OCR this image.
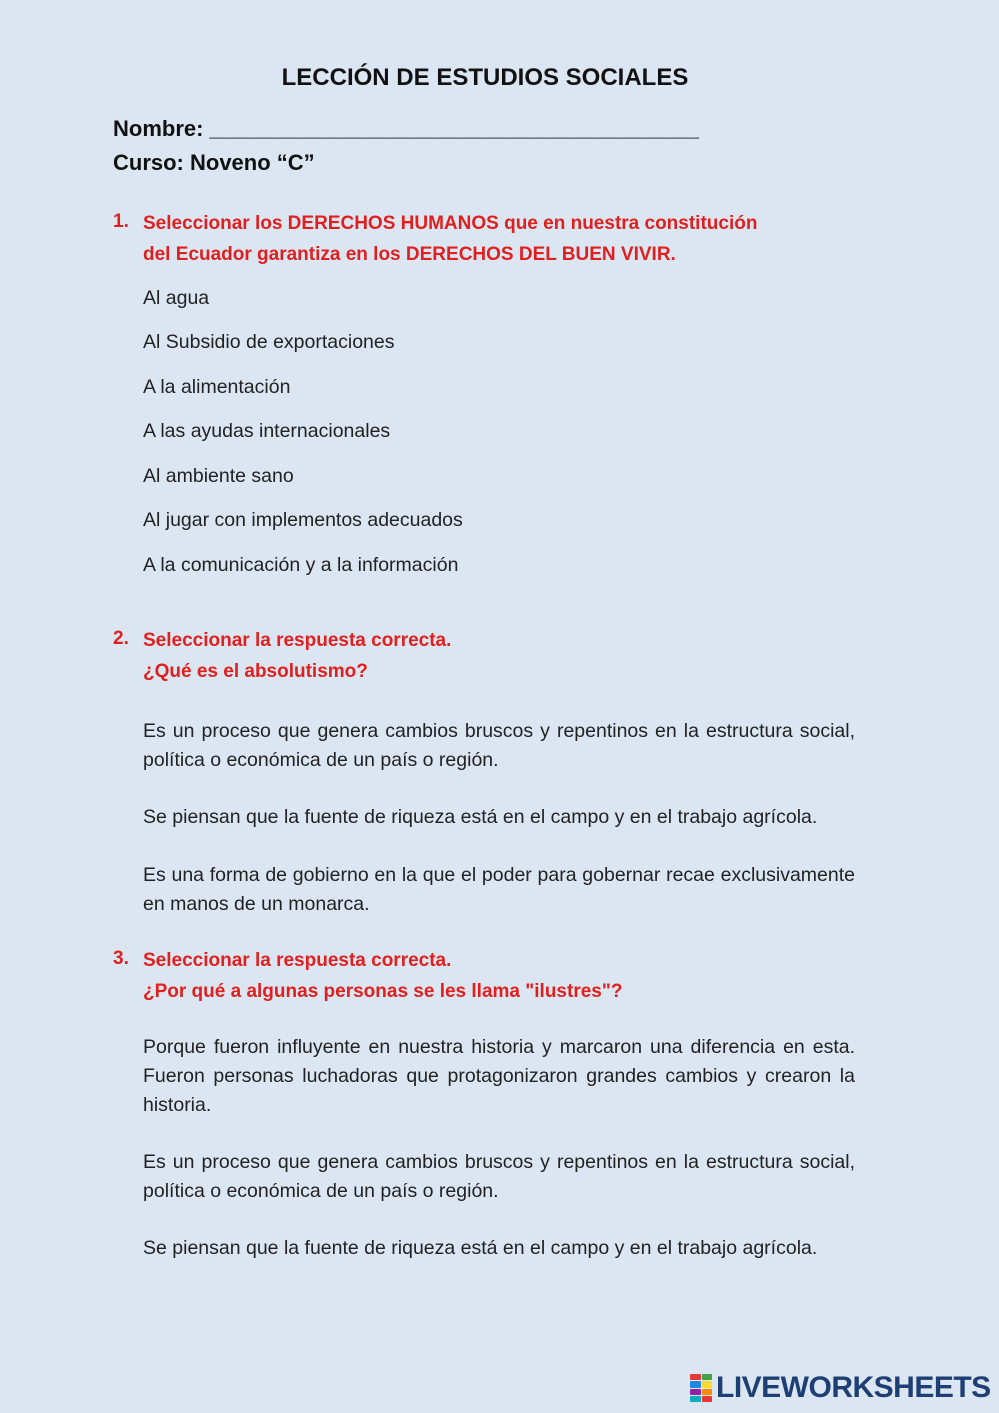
LECCIÓN DE ESTUDIOS SOCIALES
Nombre: ________________________________________
Curso: Noveno “C”
1. Seleccionar los DERECHOS HUMANOS que en nuestra constitución
del Ecuador garantiza en los DERECHOS DEL BUEN VIVIR.
Al agua
Al Subsidio de exportaciones
A la alimentación
A las ayudas internacionales
Al ambiente sano
Al jugar con implementos adecuados
A la comunicación y a la información
2. Seleccionar la respuesta correcta.
¿Qué es el absolutismo?
Es un proceso que genera cambios bruscos y repentinos en la estructura social, política o económica de un país o región.
Se piensan que la fuente de riqueza está en el campo y en el trabajo agrícola.
Es una forma de gobierno en la que el poder para gobernar recae exclusivamente en manos de un monarca.
3. Seleccionar la respuesta correcta.
¿Por qué a algunas personas se les llama "ilustres"?
Porque fueron influyente en nuestra historia y marcaron una diferencia en esta. Fueron personas luchadoras que protagonizaron grandes cambios y crearon la historia.
Es un proceso que genera cambios bruscos y repentinos en la estructura social, política o económica de un país o región.
Se piensan que la fuente de riqueza está en el campo y en el trabajo agrícola.
LIVEWORKSHEETS
